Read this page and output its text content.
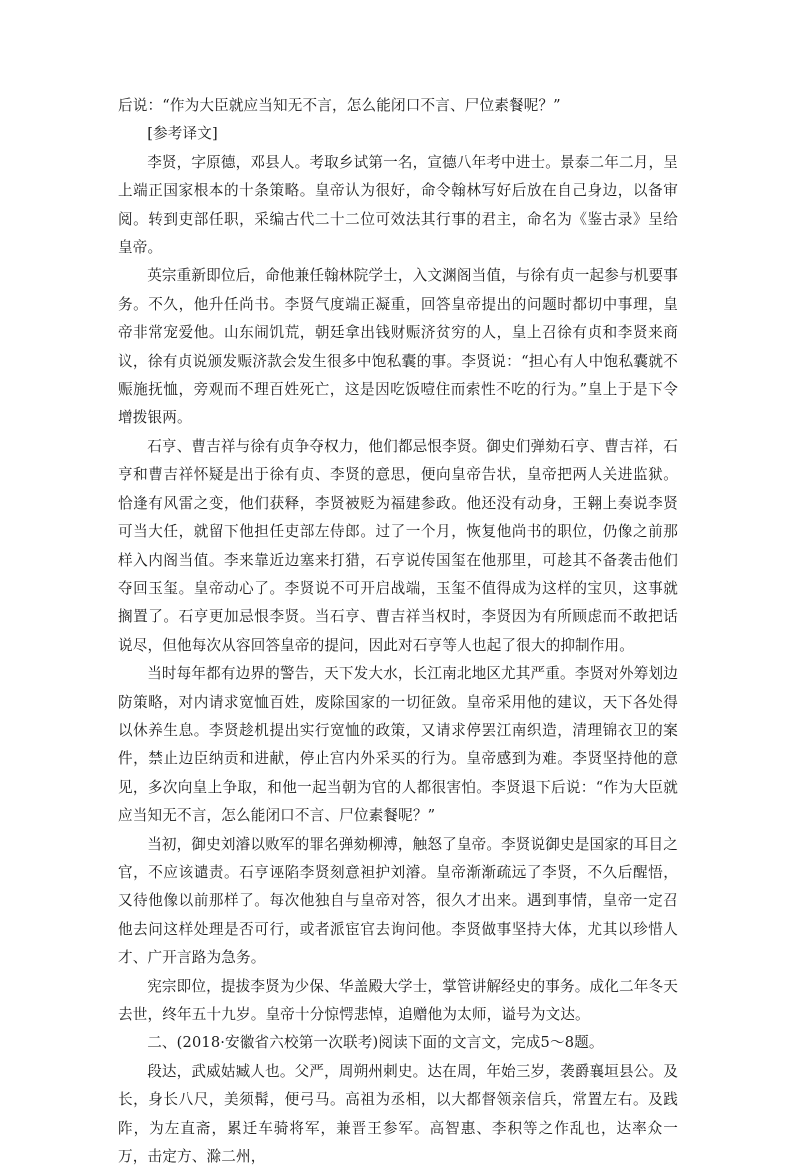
后说：“作为大臣就应当知无不言，怎么能闭口不言、尸位素餐呢？”

[参考译文]

李贤，字原德，邓县人。考取乡试第一名，宣德八年考中进士。景泰二年二月，呈上端正国家根本的十条策略。皇帝认为很好，命令翰林写好后放在自己身边，以备审阅。转到吏部任职，采编古代二十二位可效法其行事的君主，命名为《鉴古录》呈给皇帝。

英宗重新即位后，命他兼任翰林院学士，入文渊阁当值，与徐有贞一起参与机要事务。不久，他升任尚书。李贤气度端正凝重，回答皇帝提出的问题时都切中事理，皇帝非常宠爱他。山东闹饥荒，朝廷拿出钱财赈济贫穷的人，皇上召徐有贞和李贤来商议，徐有贞说颁发赈济款会发生很多中饱私囊的事。李贤说：“担心有人中饱私囊就不赈施抚恤，旁观而不理百姓死亡，这是因吃饭噎住而索性不吃的行为。”皇上于是下令增拨银两。

石亨、曹吉祥与徐有贞争夺权力，他们都忌恨李贤。御史们弹劾石亨、曹吉祥，石亨和曹吉祥怀疑是出于徐有贞、李贤的意思，便向皇帝告状，皇帝把两人关进监狱。恰逢有风雷之变，他们获释，李贤被贬为福建参政。他还没有动身，王翱上奏说李贤可当大任，就留下他担任吏部左侍郎。过了一个月，恢复他尚书的职位，仍像之前那样入内阁当值。李来靠近边塞来打猎，石亨说传国玺在他那里，可趁其不备袭击他们夺回玉玺。皇帝动心了。李贤说不可开启战端，玉玺不值得成为这样的宝贝，这事就搁置了。石亨更加忌恨李贤。当石亨、曹吉祥当权时，李贤因为有所顾虑而不敢把话说尽，但他每次从容回答皇帝的提问，因此对石亨等人也起了很大的抑制作用。

当时每年都有边界的警告，天下发大水，长江南北地区尤其严重。李贤对外筹划边防策略，对内请求宽恤百姓，废除国家的一切征敛。皇帝采用他的建议，天下各处得以休养生息。李贤趁机提出实行宽恤的政策，又请求停罢江南织造，清理锦衣卫的案件，禁止边臣纳贡和进献，停止宫内外采买的行为。皇帝感到为难。李贤坚持他的意见，多次向皇上争取，和他一起当朝为官的人都很害怕。李贤退下后说：“作为大臣就应当知无不言，怎么能闭口不言、尸位素餐呢？”

当初，御史刘濬以败军的罪名弹劾柳溥，触怒了皇帝。李贤说御史是国家的耳目之官，不应该谴责。石亨诬陷李贤刻意袒护刘濬。皇帝渐渐疏远了李贤，不久后醒悟，又待他像以前那样了。每次他独自与皇帝对答，很久才出来。遇到事情，皇帝一定召他去问这样处理是否可行，或者派宦官去询问他。李贤做事坚持大体，尤其以珍惜人才、广开言路为急务。

宪宗即位，提拔李贤为少保、华盖殿大学士，掌管讲解经史的事务。成化二年冬天去世，终年五十九岁。皇帝十分惊愕悲悼，追赠他为太师，谥号为文达。

二、(2018·安徽省六校第一次联考)阅读下面的文言文，完成5～8题。

段达，武威姑臧人也。父严，周朔州刺史。达在周，年始三岁，袭爵襄垣县公。及长，身长八尺，美须髯，便弓马。高祖为丞相，以大都督领亲信兵，常置左右。及践阼，为左直斋，累迁车骑将军，兼晋王参军。高智惠、李积等之作乱也，达率众一万，击定方、滁二州，
